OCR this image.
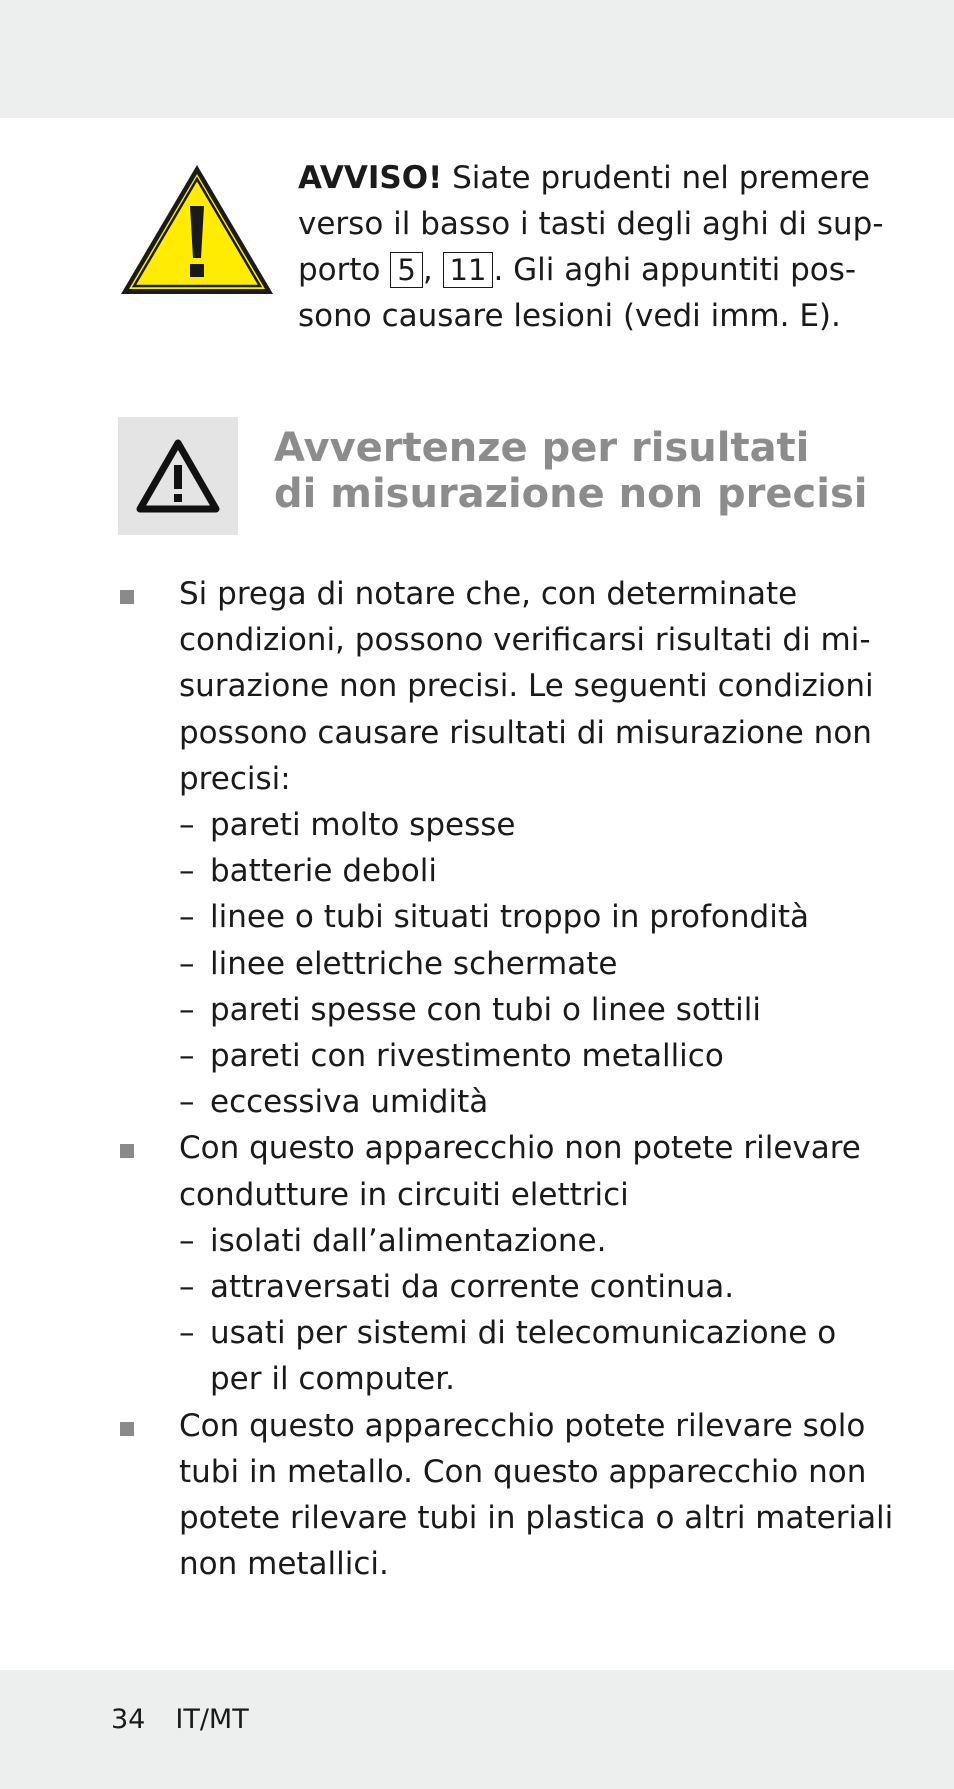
AVVISO! Siate prudenti nel premere
verso il basso i tasti degli aghi di sup-
porto 5 , 11 . Gli aghi appuntiti pos-
sono causare lesioni (vedi imm. E).
Avvertenze per risultati
di misurazione non precisi
Si prega di notare che, con determinate
condizioni, possono verificarsi risultati di mi-
surazione non precisi. Le seguenti condizioni
possono causare risultati di misurazione non
precisi:
– pareti molto spesse
– batterie deboli
– linee o tubi situati troppo in profondità
– linee elettriche schermate
– pareti spesse con tubi o linee sottili
– pareti con rivestimento metallico
– eccessiva umidità
Con questo apparecchio non potete rilevare
condutture in circuiti elettrici
– isolati dall’alimentazione.
– attraversati da corrente continua.
– usati per sistemi di telecomunicazione o
per il computer.
Con questo apparecchio potete rilevare solo
tubi in metallo. Con questo apparecchio non
potete rilevare tubi in plastica o altri materiali
non metallici.
34 IT/MT
